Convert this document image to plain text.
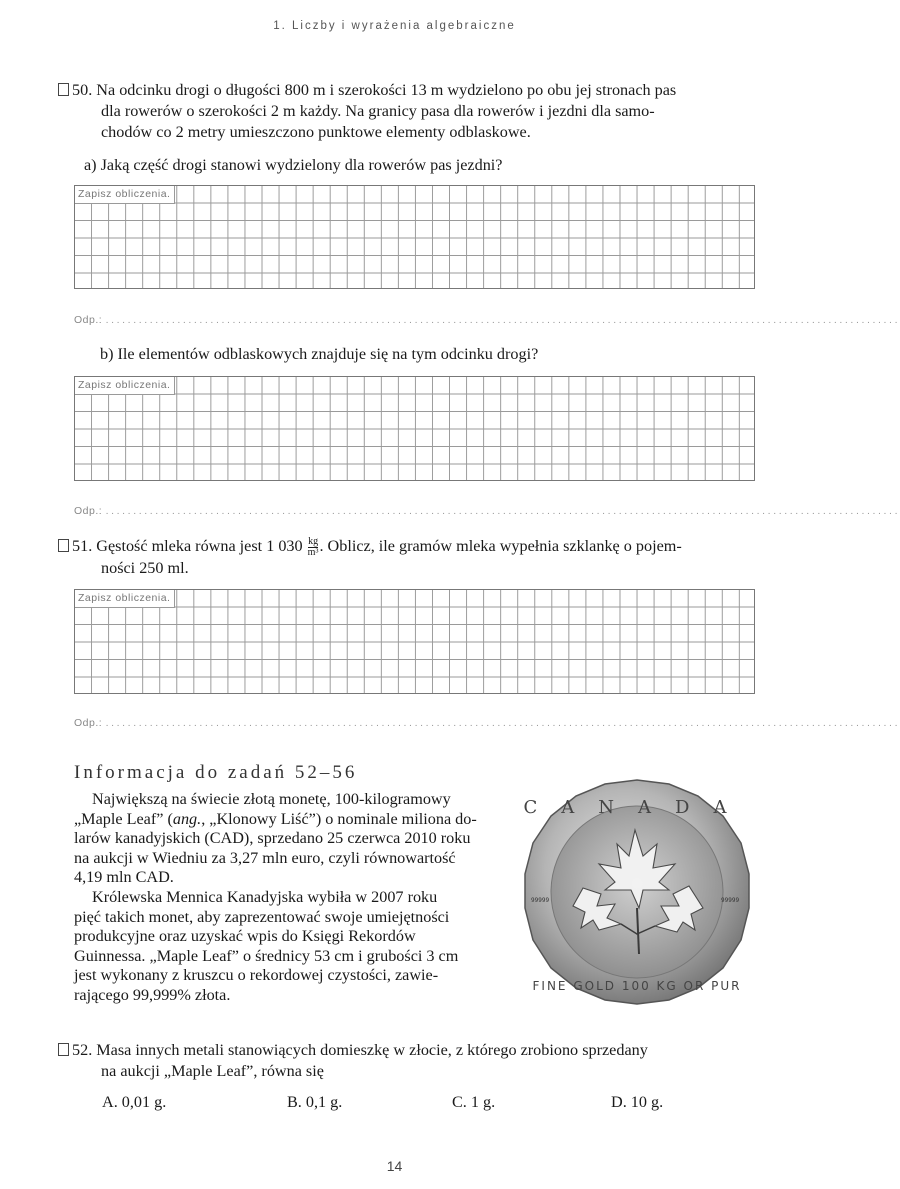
1. Liczby i wyrażenia algebraiczne
50. Na odcinku drogi o długości 800 m i szerokości 13 m wydzielono po obu jej stronach pas
dla rowerów o szerokości 2 m każdy. Na granicy pasa dla rowerów i jezdni dla samo-
chodów co 2 metry umieszczono punktowe elementy odblaskowe.
a) Jaką część drogi stanowi wydzielony dla rowerów pas jezdni?
Zapisz obliczenia.
Odp.: ................................................................................................................................................
b) Ile elementów odblaskowych znajduje się na tym odcinku drogi?
Zapisz obliczenia.
Odp.: ................................................................................................................................................
51. Gęstość mleka równa jest 1 $030 \frac{kg}{\text{m³}}$ . Oblicz, ile gramów mleka wypełnia szklankę o pojem-
ności 250 ml.
Zapisz obliczenia.
Odp.: ................................................................................................................................................
Informacja do zadań 52–56
Największą na świecie złotą monetę, 100-kilogramowy
„Maple Leaf” (ang., „Klonowy Liść”) o nominale miliona do-
larów kanadyjskich (CAD), sprzedano 25 czerwca 2010 roku
na aukcji w Wiedniu za 3,27 mln euro, czyli równowartość
4,19 mln CAD.
Królewska Mennica Kanadyjska wybiła w 2007 roku
pięć takich monet, aby zaprezentować swoje umiejętności
produkcyjne oraz uzyskać wpis do Księgi Rekordów
Guinnessa. „Maple Leaf” o średnicy 53 cm i grubości 3 cm
jest wykonany z kruszcu o rekordowej czystości, zawie-
rającego 99,999% złota.
CANADA
FINE GOLD 100 KG OR PUR
99999	99999
52. Masa innych metali stanowiących domieszkę w złocie, z którego zrobiono sprzedany
na aukcji „Maple Leaf”, równa się
A. 0,01 g.	B. 0,1 g.	C. 1 g.	D. 10 g.
14
